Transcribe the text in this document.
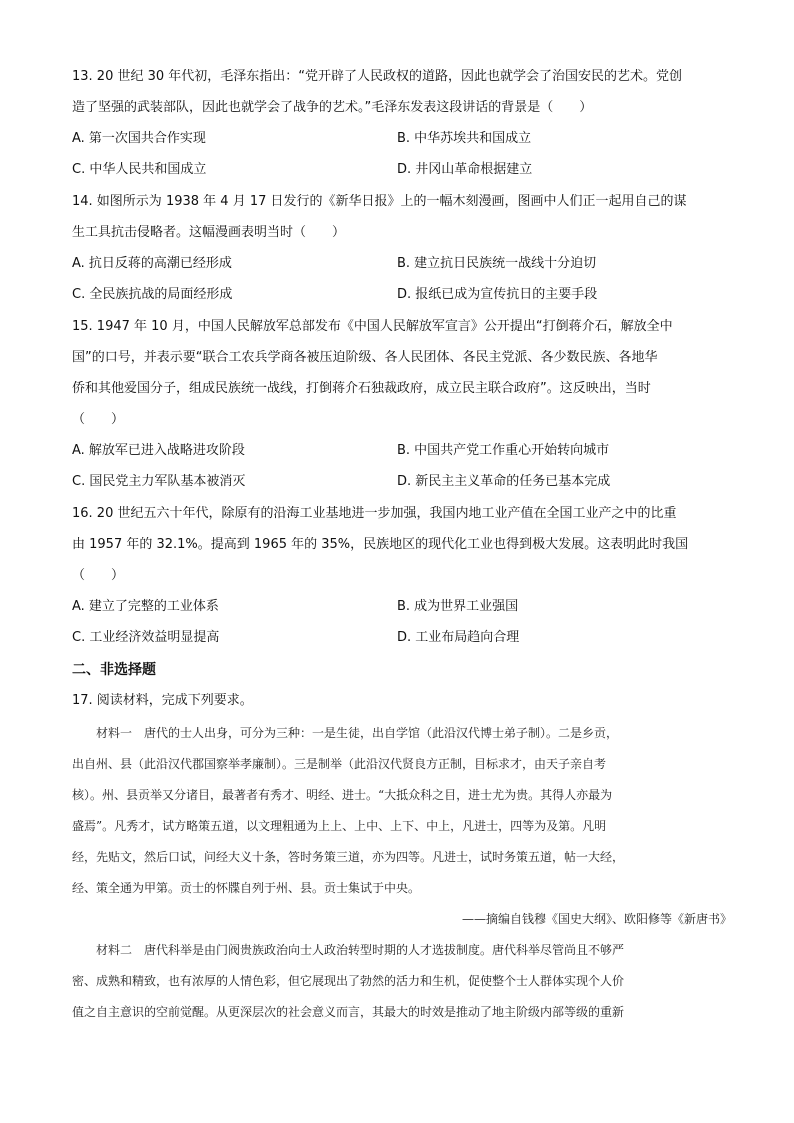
13. 20 世纪 30 年代初，毛泽东指出：“党开辟了人民政权的道路，因此也就学会了治国安民的艺术。党创
造了坚强的武装部队，因此也就学会了战争的艺术。”毛泽东发表这段讲话的背景是（　　）
A. 第一次国共合作实现	B. 中华苏埃共和国成立
C. 中华人民共和国成立	D. 井冈山革命根据建立
14. 如图所示为 1938 年 4 月 17 日发行的《新华日报》上的一幅木刻漫画，图画中人们正一起用自己的谋
生工具抗击侵略者。这幅漫画表明当时（　　）
A. 抗日反蒋的高潮已经形成	B. 建立抗日民族统一战线十分迫切
C. 全民族抗战的局面经形成	D. 报纸已成为宣传抗日的主要手段
15. 1947 年 10 月，中国人民解放军总部发布《中国人民解放军宣言》公开提出“打倒蒋介石，解放全中
国”的口号，并表示要“联合工农兵学商各被压迫阶级、各人民团体、各民主党派、各少数民族、各地华
侨和其他爱国分子，组成民族统一战线，打倒蒋介石独裁政府，成立民主联合政府”。这反映出，当时
（　　）
A. 解放军已进入战略进攻阶段	B. 中国共产党工作重心开始转向城市
C. 国民党主力军队基本被消灭	D. 新民主主义革命的任务已基本完成
16. 20 世纪五六十年代，除原有的沿海工业基地进一步加强，我国内地工业产值在全国工业产之中的比重
由 1957 年的 32.1%。提高到 1965 年的 35%，民族地区的现代化工业也得到极大发展。这表明此时我国
（　　）
A. 建立了完整的工业体系	B. 成为世界工业强国
C. 工业经济效益明显提高	D. 工业布局趋向合理
二、非选择题
17. 阅读材料，完成下列要求。
　　材料一　唐代的士人出身，可分为三种：一是生徒，出自学馆（此沿汉代博士弟子制）。二是乡贡，
出自州、县（此沿汉代郡国察举孝廉制）。三是制举（此沿汉代贤良方正制，目标求才，由天子亲自考
核）。州、县贡举又分诸目，最著者有秀才、明经、进士。“大抵众科之目，进士尤为贵。其得人亦最为
盛焉”。凡秀才，试方略策五道，以文理粗通为上上、上中、上下、中上，凡进士，四等为及第。凡明
经，先贴文，然后口试，问经大义十条，答时务策三道，亦为四等。凡进士，试时务策五道，帖一大经，
经、策全通为甲第。贡士的怀牒自列于州、县。贡士集试于中央。
——摘编自钱穆《国史大纲》、欧阳修等《新唐书》
　　材料二　唐代科举是由门阀贵族政治向士人政治转型时期的人才选拔制度。唐代科举尽管尚且不够严
密、成熟和精致，也有浓厚的人情色彩，但它展现出了勃然的活力和生机，促使整个士人群体实现个人价
值之自主意识的空前觉醒。从更深层次的社会意义而言，其最大的时效是推动了地主阶级内部等级的重新
